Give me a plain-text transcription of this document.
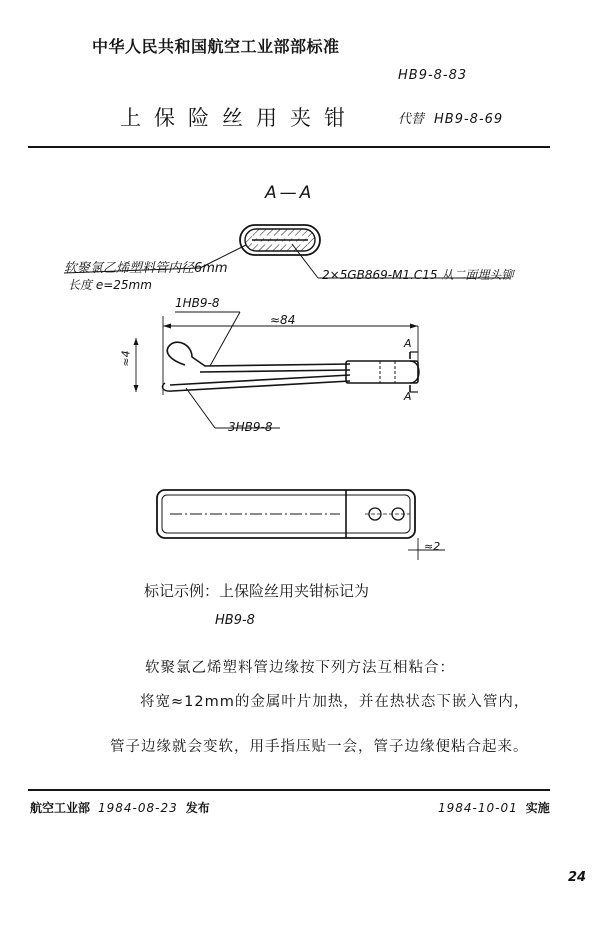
中华人民共和国航空工业部部标准
HB9-8-83
上保险丝用夹钳	代替 HB9-8-69
A—A
软聚氯乙烯塑料管内径6mm
长度 e=25mm
2×5GB869-M1.C15 从二面埋头铆
1HB9-8
3HB9-8
≈84
≈4
A
A
≈2
标记示例：上保险丝用夹钳标记为
HB9-8
软聚氯乙烯塑料管边缘按下列方法互相粘合：
将宽≈12mm的金属叶片加热，并在热状态下嵌入管内，
管子边缘就会变软，用手指压贴一会，管子边缘便粘合起来。
航空工业部 1984-08-23 发布	1984-10-01 实施
24
